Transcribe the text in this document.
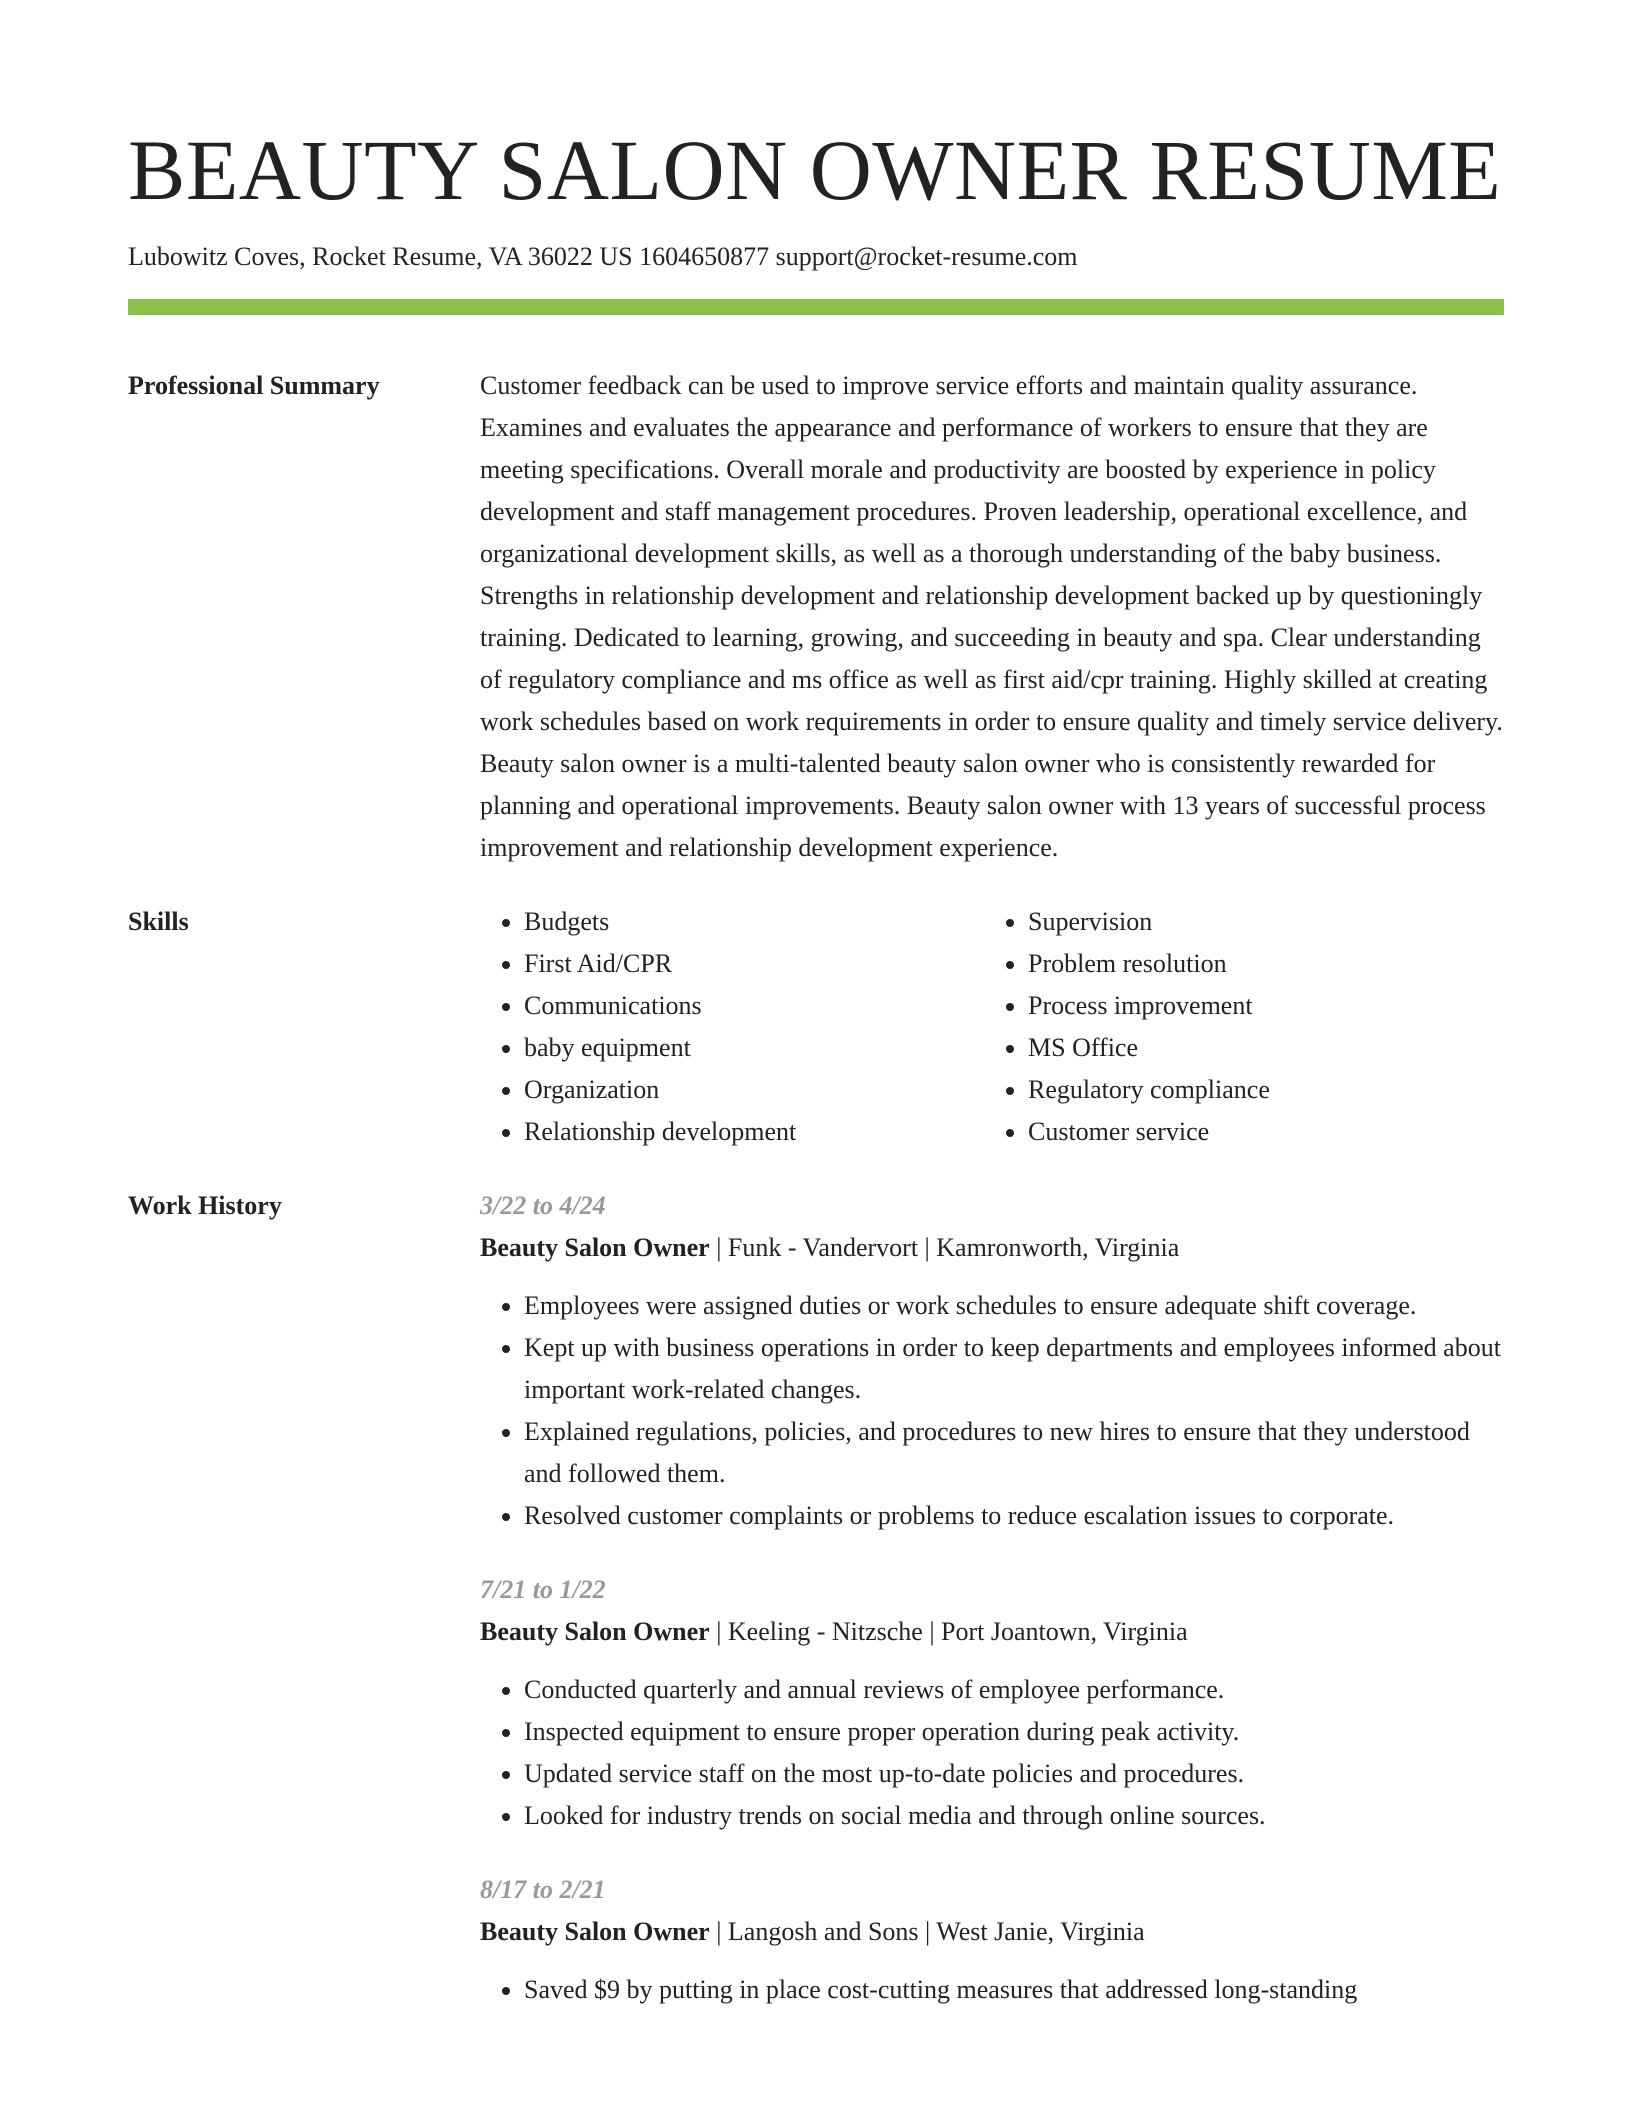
BEAUTY SALON OWNER RESUME
Lubowitz Coves, Rocket Resume, VA 36022 US 1604650877 support@rocket-resume.com
Professional Summary	Customer feedback can be used to improve service efforts and maintain quality assurance. Examines and evaluates the appearance and performance of workers to ensure that they are meeting specifications. Overall morale and productivity are boosted by experience in policy development and staff management procedures. Proven leadership, operational excellence, and organizational development skills, as well as a thorough understanding of the baby business. Strengths in relationship development and relationship development backed up by questioningly training. Dedicated to learning, growing, and succeeding in beauty and spa. Clear understanding of regulatory compliance and ms office as well as first aid/cpr training. Highly skilled at creating work schedules based on work requirements in order to ensure quality and timely service delivery. Beauty salon owner is a multi-talented beauty salon owner who is consistently rewarded for planning and operational improvements. Beauty salon owner with 13 years of successful process improvement and relationship development experience.
Skills
•	Budgets
• First Aid/CPR
• Communications
• baby equipment
• Organization
• Relationship development
• Supervision
• Problem resolution
• Process improvement
• MS Office
• Regulatory compliance
• Customer service
Work History	3/22 to 4/24
Beauty Salon Owner | Funk - Vandervort | Kamronworth, Virginia
• Employees were assigned duties or work schedules to ensure adequate shift coverage.
• Kept up with business operations in order to keep departments and employees informed about important work-related changes.
• Explained regulations, policies, and procedures to new hires to ensure that they understood and followed them.
• Resolved customer complaints or problems to reduce escalation issues to corporate.
7/21 to 1/22
Beauty Salon Owner | Keeling - Nitzsche | Port Joantown, Virginia
• Conducted quarterly and annual reviews of employee performance.
• Inspected equipment to ensure proper operation during peak activity.
• Updated service staff on the most up-to-date policies and procedures.
• Looked for industry trends on social media and through online sources.
8/17 to 2/21
Beauty Salon Owner | Langosh and Sons | West Janie, Virginia
• Saved $9 by putting in place cost-cutting measures that addressed long-standing
